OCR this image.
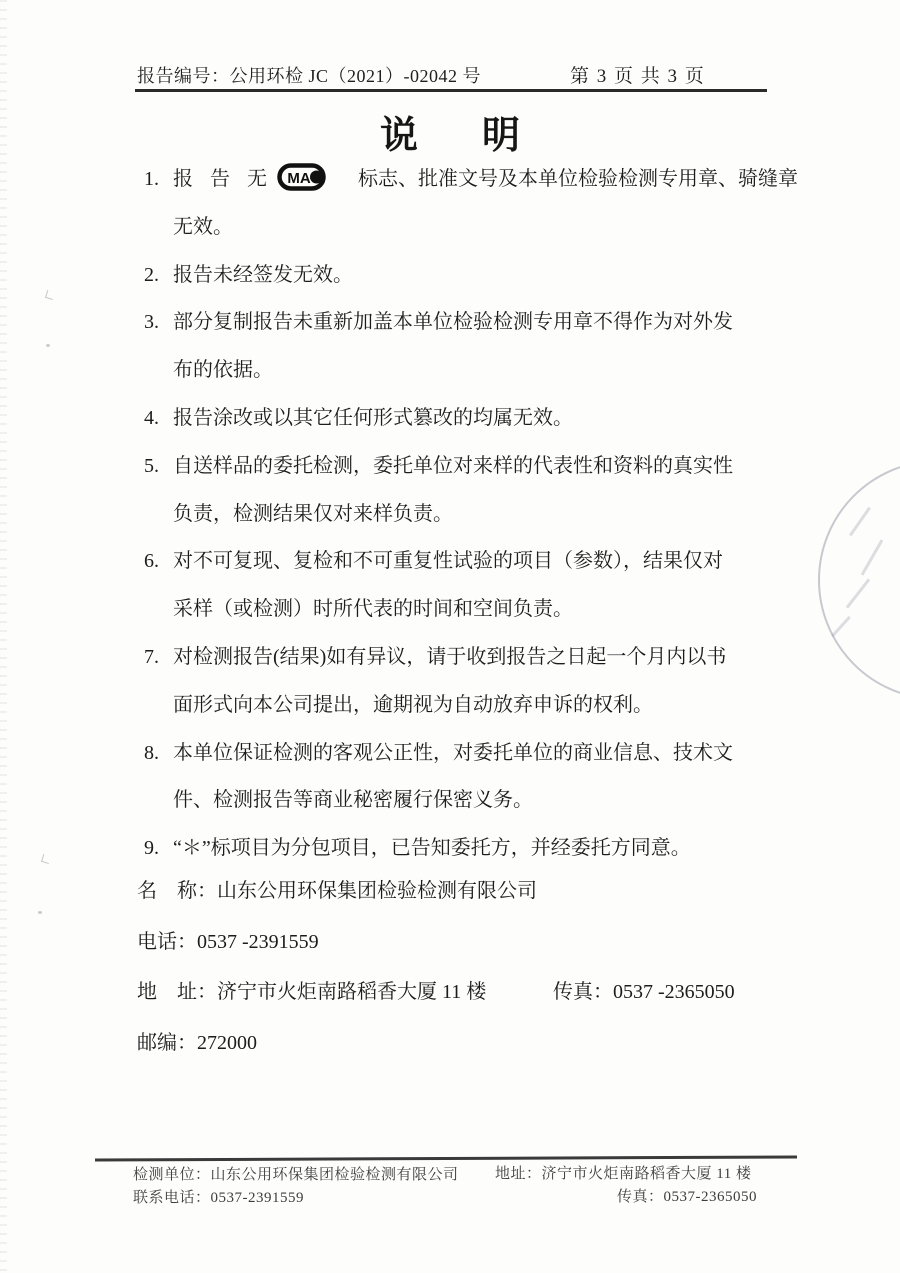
报告编号：公用环检 JC（2021）-02042 号	第 3 页 共 3 页
说 明
1. 报 告 无 MA 标志、批准文号及本单位检验检测专用章、骑缝章
无效。
2. 报告未经签发无效。
3. 部分复制报告未重新加盖本单位检验检测专用章不得作为对外发
布的依据。
4. 报告涂改或以其它任何形式篡改的均属无效。
5. 自送样品的委托检测，委托单位对来样的代表性和资料的真实性
负责，检测结果仅对来样负责。
6. 对不可复现、复检和不可重复性试验的项目（参数），结果仅对
采样（或检测）时所代表的时间和空间负责。
7. 对检测报告(结果)如有异议，请于收到报告之日起一个月内以书
面形式向本公司提出，逾期视为自动放弃申诉的权利。
8. 本单位保证检测的客观公正性，对委托单位的商业信息、技术文
件、检测报告等商业秘密履行保密义务。
9. “＊”标项目为分包项目，已告知委托方，并经委托方同意。
名　称：山东公用环保集团检验检测有限公司
电话：0537 -2391559
地　址：济宁市火炬南路稻香大厦 11 楼	传真：0537 -2365050
邮编：272000
检测单位：山东公用环保集团检验检测有限公司 地址：济宁市火炬南路稻香大厦 11 楼
联系电话：0537-2391559	传真：0537-2365050
